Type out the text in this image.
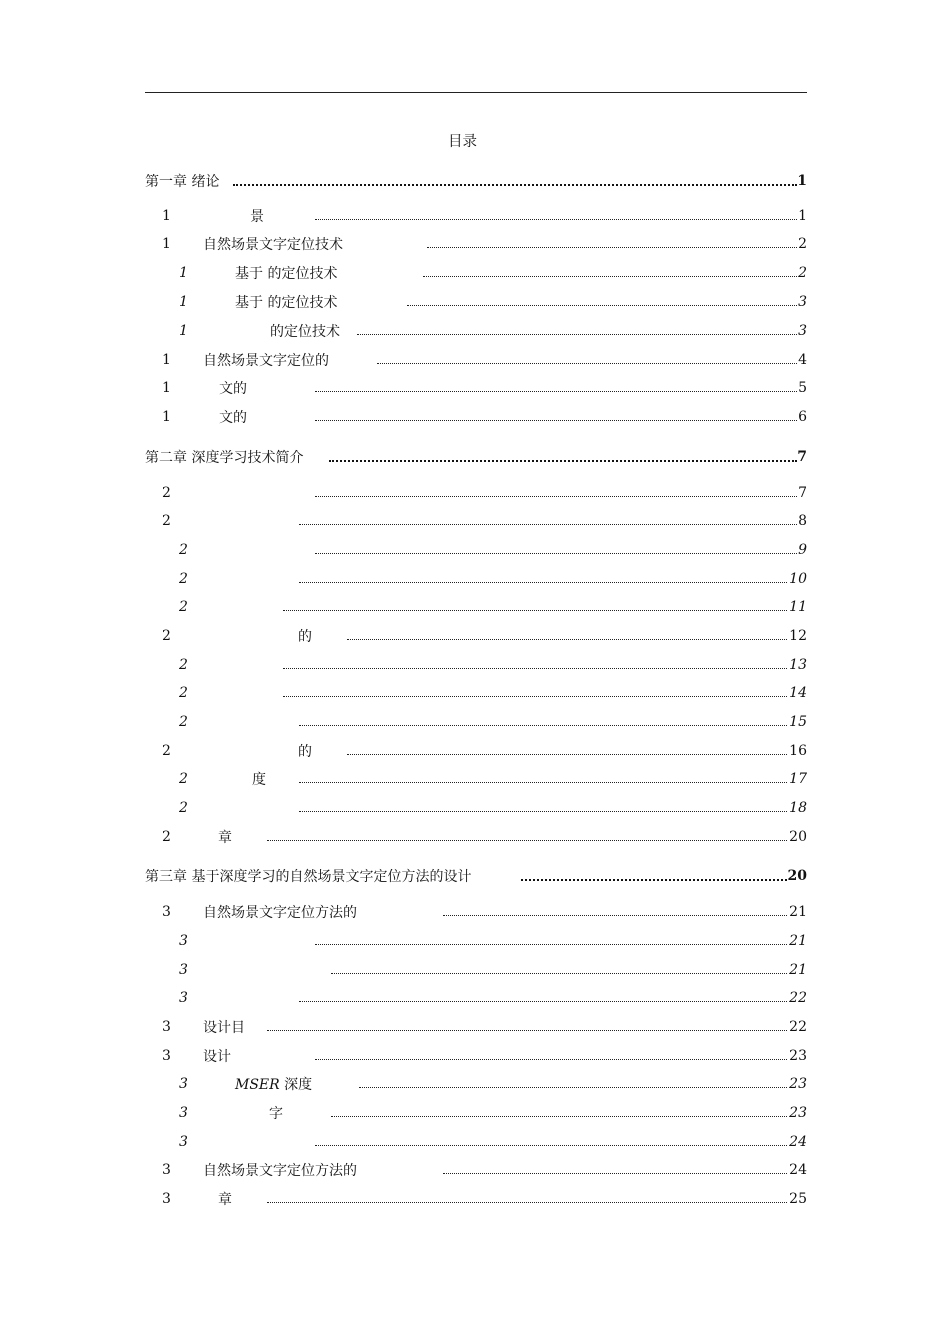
目录
第一章 绪论	1
1	景	1
1 自然场景文字定位技术	2
1	基于 的定位技术	2
1	基于 的定位技术	3
1	的定位技术	3
1 自然场景文字定位的	4
1	文的	5
1	文的	6
第二章 深度学习技术简介	7
2	7
2	8
2	9
2	10
2	11
2	的	12
2	13
2	14
2	15
2	的	16
2	度	17
2	18
2	章	20
第三章 基于深度学习的自然场景文字定位方法的设计	20
3 自然场景文字定位方法的	21
3	21
3	21
3	22
3 设计目	22
3 设计	23
3	MSER 深度	23
3	字	23
3	24
3 自然场景文字定位方法的	24
3	章	25
